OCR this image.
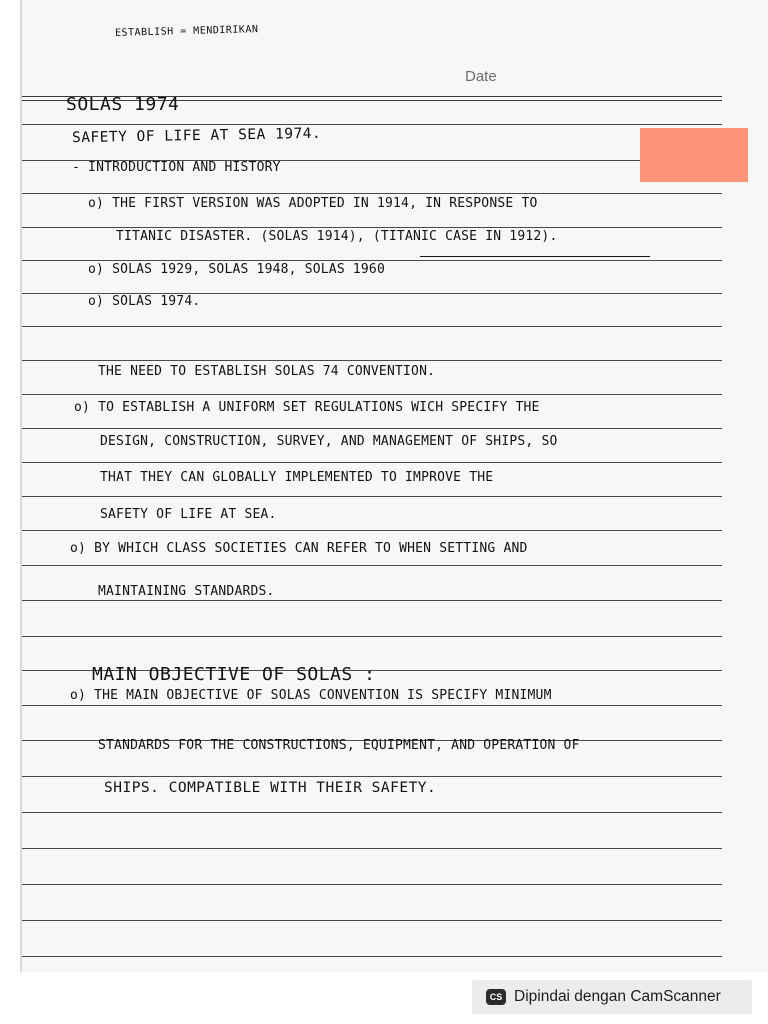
ESTABLISH = MENDIRIKAN
Date
SOLAS 1974
SAFETY OF LIFE AT SEA 1974.
- INTRODUCTION AND HISTORY
o) THE FIRST VERSION WAS ADOPTED IN 1914, IN RESPONSE TO
TITANIC DISASTER. (SOLAS 1914), (TITANIC CASE IN 1912).
o) SOLAS 1929, SOLAS 1948, SOLAS 1960
o) SOLAS 1974.
THE NEED TO ESTABLISH SOLAS 74 CONVENTION.
o) TO ESTABLISH A UNIFORM SET REGULATIONS WICH SPECIFY THE
DESIGN, CONSTRUCTION, SURVEY, AND MANAGEMENT OF SHIPS, SO
THAT THEY CAN GLOBALLY IMPLEMENTED TO IMPROVE THE
SAFETY OF LIFE AT SEA.
o) BY WHICH CLASS SOCIETIES CAN REFER TO WHEN SETTING AND
MAINTAINING STANDARDS.
MAIN OBJECTIVE OF SOLAS :
o) THE MAIN OBJECTIVE OF SOLAS CONVENTION IS SPECIFY MINIMUM
STANDARDS FOR THE CONSTRUCTIONS, EQUIPMENT, AND OPERATION OF
SHIPS. COMPATIBLE WITH THEIR SAFETY.
CS Dipindai dengan CamScanner
